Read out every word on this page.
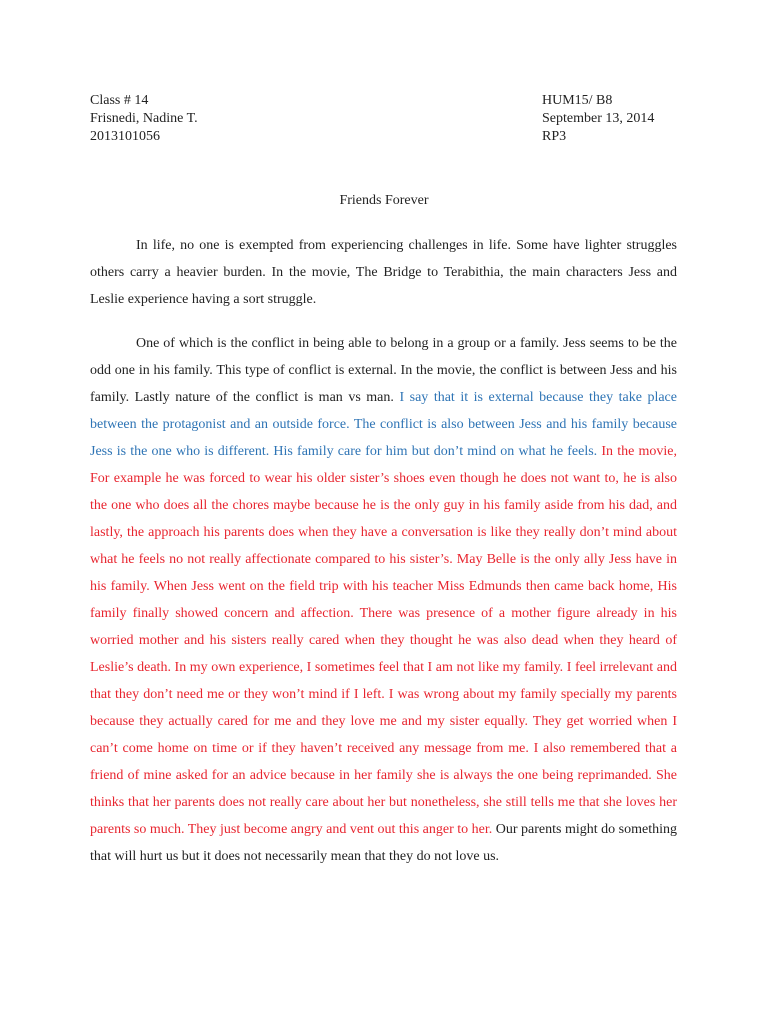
Class # 14
Frisnedi, Nadine T.
2013101056
HUM15/ B8
September 13, 2014
RP3
Friends Forever

In life, no one is exempted from experiencing challenges in life. Some have lighter struggles others carry a heavier burden. In the movie, The Bridge to Terabithia, the main characters Jess and Leslie experience having a sort struggle.

One of which is the conflict in being able to belong in a group or a family. Jess seems to be the odd one in his family. This type of conflict is external. In the movie, the conflict is between Jess and his family. Lastly nature of the conflict is man vs man. I say that it is external because they take place between the protagonist and an outside force. The conflict is also between Jess and his family because Jess is the one who is different. His family care for him but don’t mind on what he feels. In the movie, For example he was forced to wear his older sister’s shoes even though he does not want to, he is also the one who does all the chores maybe because he is the only guy in his family aside from his dad, and lastly, the approach his parents does when they have a conversation is like they really don’t mind about what he feels no not really affectionate compared to his sister’s. May Belle is the only ally Jess have in his family. When Jess went on the field trip with his teacher Miss Edmunds then came back home, His family finally showed concern and affection. There was presence of a mother figure already in his worried mother and his sisters really cared when they thought he was also dead when they heard of Leslie’s death. In my own experience, I sometimes feel that I am not like my family. I feel irrelevant and that they don’t need me or they won’t mind if I left. I was wrong about my family specially my parents because they actually cared for me and they love me and my sister equally. They get worried when I can’t come home on time or if they haven’t received any message from me. I also remembered that a friend of mine asked for an advice because in her family she is always the one being reprimanded. She thinks that her parents does not really care about her but nonetheless, she still tells me that she loves her parents so much. They just become angry and vent out this anger to her. Our parents might do something that will hurt us but it does not necessarily mean that they do not love us.
